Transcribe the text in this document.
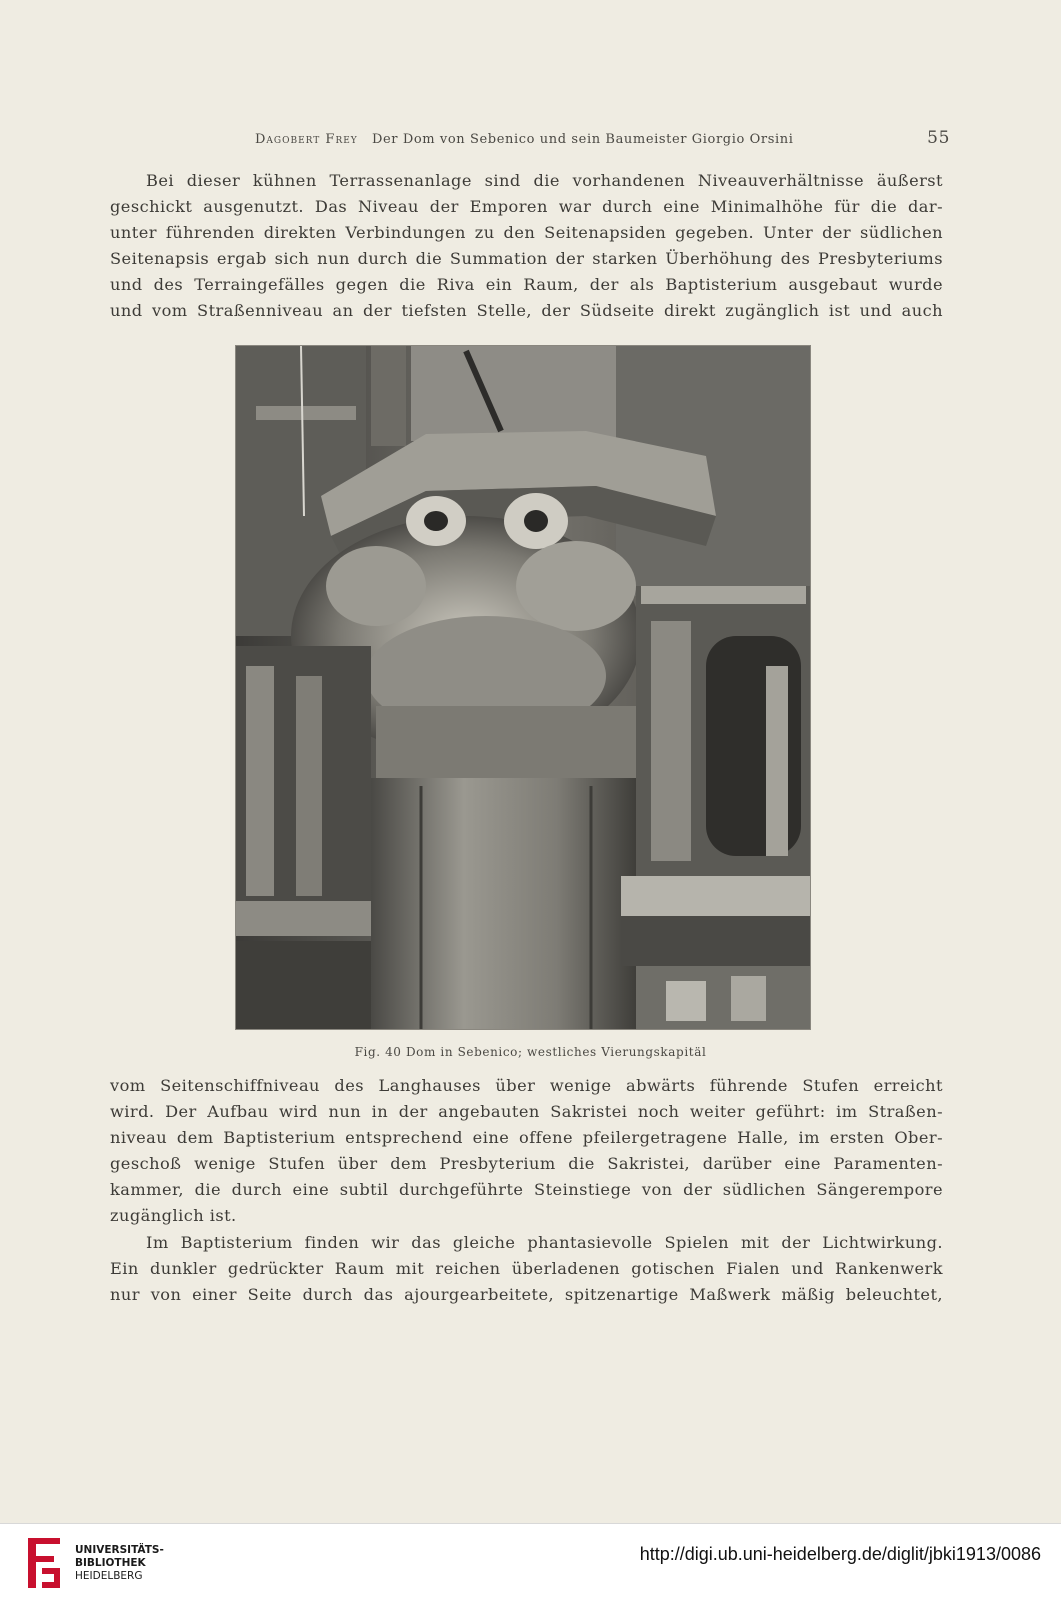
Dagobert Frey Der Dom von Sebenico und sein Baumeister Giorgio Orsini	55

Bei dieser kühnen Terrassenanlage sind die vorhandenen Niveauverhältnisse äußerst
geschickt ausgenutzt. Das Niveau der Emporen war durch eine Minimalhöhe für die dar-
unter führenden direkten Verbindungen zu den Seitenapsiden gegeben. Unter der südlichen
Seitenapsis ergab sich nun durch die Summation der starken Überhöhung des Presbyteriums
und des Terraingefälles gegen die Riva ein Raum, der als Baptisterium ausgebaut wurde
und vom Straßenniveau an der tiefsten Stelle, der Südseite direkt zugänglich ist und auch

Fig. 40 Dom in Sebenico; westliches Vierungskapitäl

vom Seitenschiffniveau des Langhauses über wenige abwärts führende Stufen erreicht
wird. Der Aufbau wird nun in der angebauten Sakristei noch weiter geführt: im Straßen-
niveau dem Baptisterium entsprechend eine offene pfeilergetragene Halle, im ersten Ober-
geschoß wenige Stufen über dem Presbyterium die Sakristei, darüber eine Paramenten-
kammer, die durch eine subtil durchgeführte Steinstiege von der südlichen Sängerempore
zugänglich ist.

Im Baptisterium finden wir das gleiche phantasievolle Spielen mit der Lichtwirkung.
Ein dunkler gedrückter Raum mit reichen überladenen gotischen Fialen und Rankenwerk
nur von einer Seite durch das ajourgearbeitete, spitzenartige Maßwerk mäßig beleuchtet,

UNIVERSITÄTS-
BIBLIOTHEK
HEIDELBERG
http://digi.ub.uni-heidelberg.de/diglit/jbki1913/0086
